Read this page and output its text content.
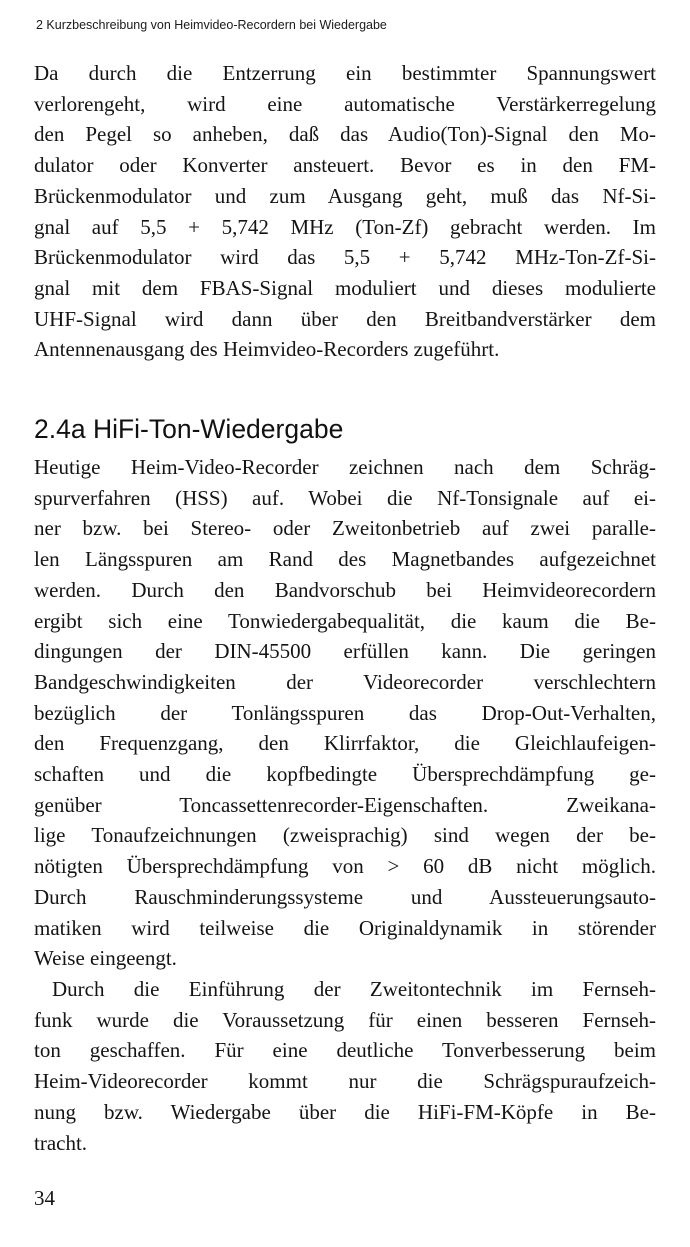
2 Kurzbeschreibung von Heimvideo-Recordern bei Wiedergabe
Da durch die Entzerrung ein bestimmter Spannungswert
verlorengeht, wird eine automatische Verstärkerregelung
den Pegel so anheben, daß das Audio(Ton)-Signal den Mo-
dulator oder Konverter ansteuert. Bevor es in den FM-
Brückenmodulator und zum Ausgang geht, muß das Nf-Si-
gnal auf 5,5 + 5,742 MHz (Ton-Zf) gebracht werden. Im
Brückenmodulator wird das 5,5 + 5,742 MHz-Ton-Zf-Si-
gnal mit dem FBAS-Signal moduliert und dieses modulierte
UHF-Signal wird dann über den Breitbandverstärker dem
Antennenausgang des Heimvideo-Recorders zugeführt.
2.4a HiFi-Ton-Wiedergabe
Heutige Heim-Video-Recorder zeichnen nach dem Schräg-
spurverfahren (HSS) auf. Wobei die Nf-Tonsignale auf ei-
ner bzw. bei Stereo- oder Zweitonbetrieb auf zwei paralle-
len Längsspuren am Rand des Magnetbandes aufgezeichnet
werden. Durch den Bandvorschub bei Heimvideorecordern
ergibt sich eine Tonwiedergabequalität, die kaum die Be-
dingungen der DIN-45500 erfüllen kann. Die geringen
Bandgeschwindigkeiten der Videorecorder verschlechtern
bezüglich der Tonlängsspuren das Drop-Out-Verhalten,
den Frequenzgang, den Klirrfaktor, die Gleichlaufeigen-
schaften und die kopfbedingte Übersprechdämpfung ge-
genüber Toncassettenrecorder-Eigenschaften. Zweikana-
lige Tonaufzeichnungen (zweisprachig) sind wegen der be-
nötigten Übersprechdämpfung von > 60 dB nicht möglich.
Durch Rauschminderungssysteme und Aussteuerungsauto-
matiken wird teilweise die Originaldynamik in störender
Weise eingeengt.
Durch die Einführung der Zweitontechnik im Fernseh-
funk wurde die Voraussetzung für einen besseren Fernseh-
ton geschaffen. Für eine deutliche Tonverbesserung beim
Heim-Videorecorder kommt nur die Schrägspuraufzeich-
nung bzw. Wiedergabe über die HiFi-FM-Köpfe in Be-
tracht.
34
